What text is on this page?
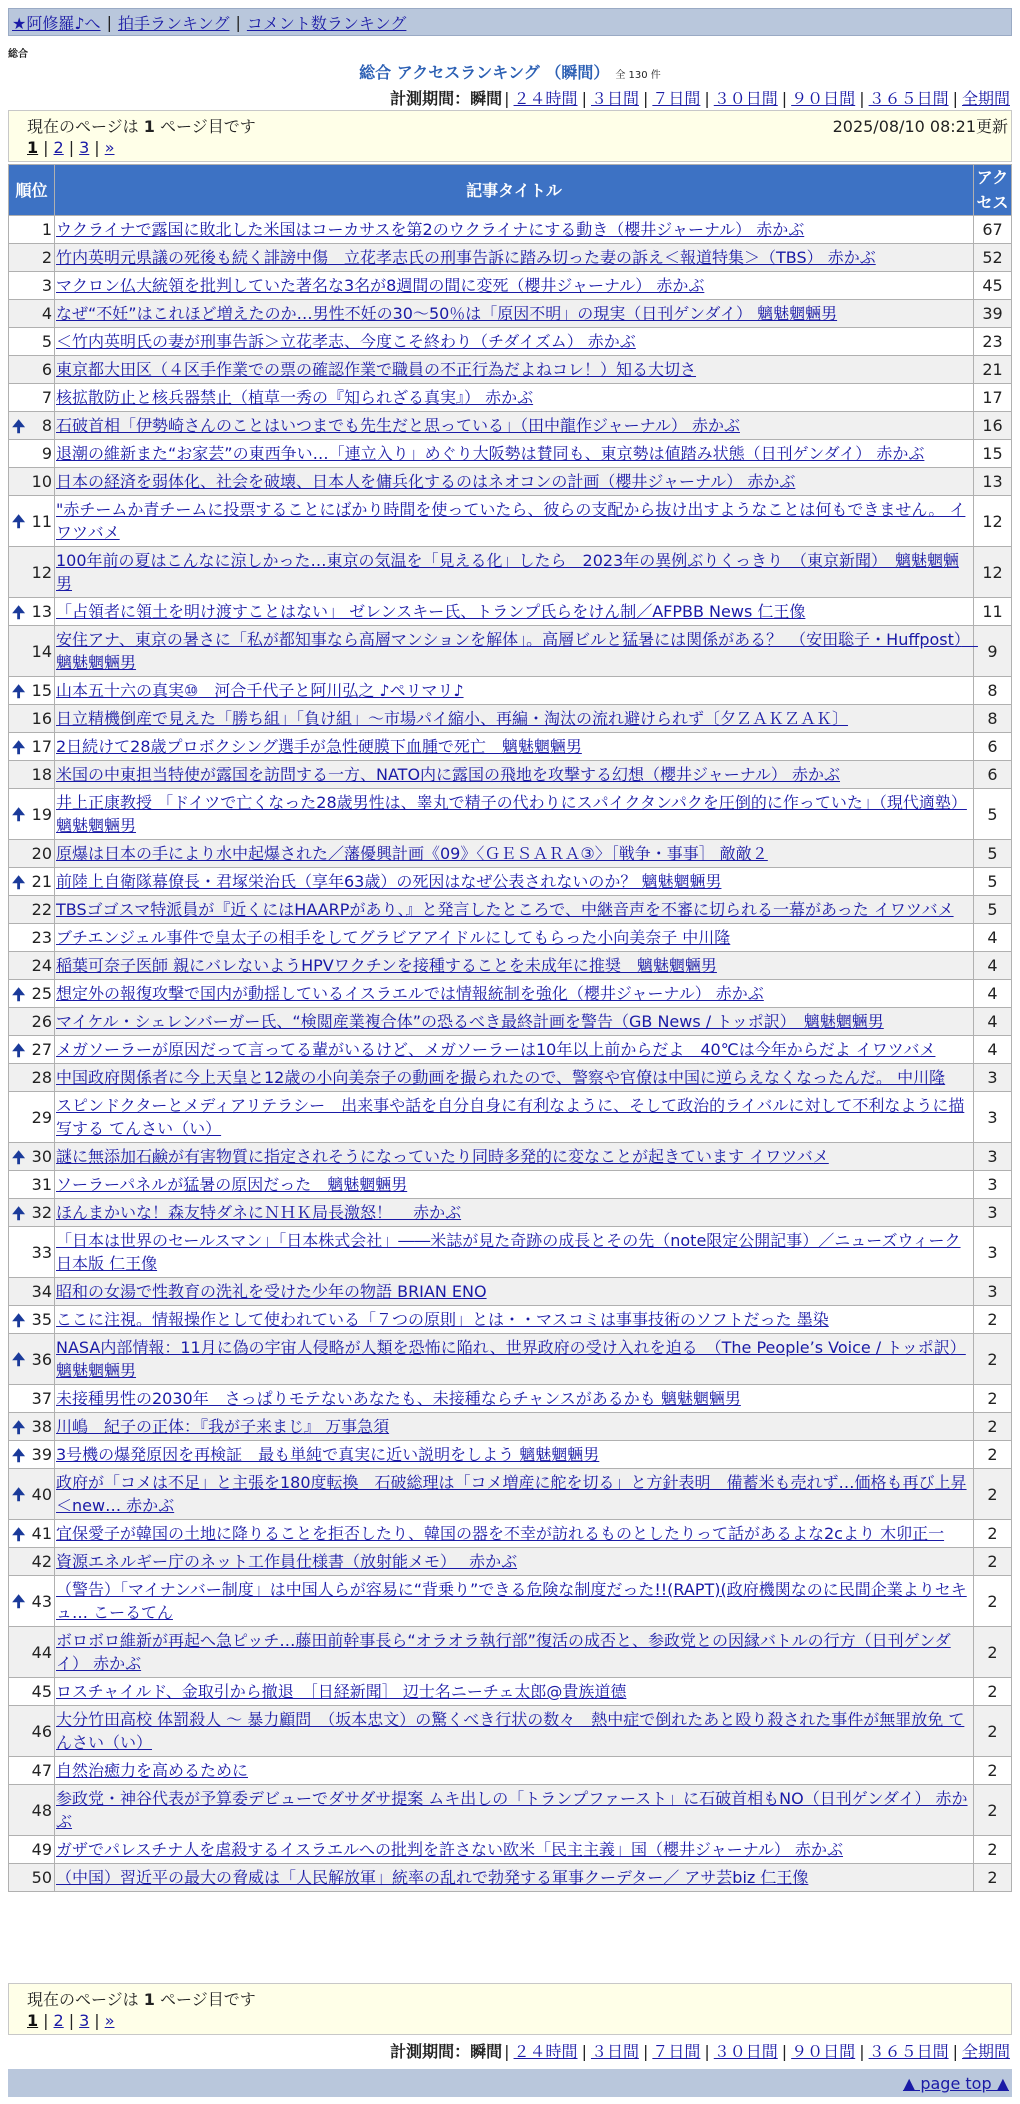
★阿修羅♪へ | 拍手ランキング | コメント数ランキング
総合
総合 アクセスランキング （瞬間） 全 130 件
計測期間：瞬間 | ２４時間 | ３日間 | ７日間 | ３０日間 | ９０日間 | ３６５日間 | 全期間
現在のページは 1 ページ目です	2025/08/10 08:21更新
1 | 2 | 3 | »
順位	記事タイトル	アクセス
1	ウクライナで露国に敗北した米国はコーカサスを第2のウクライナにする動き（櫻井ジャーナル） 赤かぶ	67
2	竹内英明元県議の死後も続く誹謗中傷　立花孝志氏の刑事告訴に踏み切った妻の訴え＜報道特集＞（TBS） 赤かぶ	52
3	マクロン仏大統領を批判していた著名な3名が8週間の間に変死（櫻井ジャーナル） 赤かぶ	45
4	なぜ“不妊”はこれほど増えたのか…男性不妊の30～50％は「原因不明」の現実（日刊ゲンダイ） 魑魅魍魎男	39
5	＜竹内英明氏の妻が刑事告訴＞立花孝志、今度こそ終わり（チダイズム） 赤かぶ	23
6	東京都大田区（４区手作業での票の確認作業で職員の不正行為だよねコレ！）知る大切さ	21
7	核拡散防止と核兵器禁止（植草一秀の『知られざる真実』） 赤かぶ	17

🠉 8	石破首相「伊勢崎さんのことはいつまでも先生だと思っている」（田中龍作ジャーナル） 赤かぶ	16
9	退潮の維新また“お家芸”の東西争い…「連立入り」めぐり大阪勢は賛同も、東京勢は値踏み状態（日刊ゲンダイ） 赤かぶ	15
10	日本の経済を弱体化、社会を破壊、日本人を傭兵化するのはネオコンの計画（櫻井ジャーナル） 赤かぶ	13

🠉 11	"赤チームか青チームに投票することにばかり時間を使っていたら、彼らの支配から抜け出すようなことは何もできません。 イワツバメ	12
12	100年前の夏はこんなに涼しかった…東京の気温を「見える化」したら　2023年の異例ぶりくっきり　（東京新聞）　魑魅魍魎男	12

🠉 13	「占領者に領土を明け渡すことはない」 ゼレンスキー氏、トランプ氏らをけん制／AFPBB News 仁王像	11
14	安住アナ、東京の暑さに「私が都知事なら高層マンションを解体」。高層ビルと猛暑には関係がある？　（安田聡子・Huffpost）　魑魅魍魎男	9

🠉 15	山本五十六の真実⑩　河合千代子と阿川弘之 ♪ペリマリ♪	8
16	日立精機倒産で見えた「勝ち組」「負け組」～市場パイ縮小、再編・淘汰の流れ避けられず〔夕ＺＡＫＺＡＫ〕	8

🠉 17	2日続けて28歳プロボクシング選手が急性硬膜下血腫で死亡　魑魅魍魎男	6
18	米国の中東担当特使が露国を訪問する一方、NATO内に露国の飛地を攻撃する幻想（櫻井ジャーナル） 赤かぶ	6

🠉 19	井上正康教授 「ドイツで亡くなった28歳男性は、睾丸で精子の代わりにスパイクタンパクを圧倒的に作っていた」（現代適塾）魑魅魍魎男	5
20	原爆は日本の手により水中起爆された／藩優興計画《09》〈ＧＥＳＡＲＡ③〉［戦争・事事］ 敵敵２	5

🠉 21	前陸上自衛隊幕僚長・君塚栄治氏（享年63歳）の死因はなぜ公表されないのか？ 魑魅魍魎男	5
22	TBSゴゴスマ特派員が『近くにはHAARPがあり、』と発言したところで、中継音声を不審に切られる一幕があった イワツバメ	5
23	ブチエンジェル事件で皇太子の相手をしてグラビアアイドルにしてもらった小向美奈子 中川隆	4
24	稲葉可奈子医師 親にバレないようHPVワクチンを接種することを未成年に推奨　魑魅魍魎男	4

🠉 25	想定外の報復攻撃で国内が動揺しているイスラエルでは情報統制を強化（櫻井ジャーナル） 赤かぶ	4
26	マイケル・シェレンバーガー氏、“検閲産業複合体”の恐るべき最終計画を警告（GB News / トッポ訳）　魑魅魍魎男	4

🠉 27	メガソーラーが原因だって言ってる輩がいるけど、メガソーラーは10年以上前からだよ　40℃は今年からだよ イワツバメ	4
28	中国政府関係者に今上天皇と12歳の小向美奈子の動画を撮られたので、警察や官僚は中国に逆らえなくなったんだ。 中川隆	3
29	スピンドクターとメディアリテラシー　出来事や話を自分自身に有利なように、そして政治的ライバルに対して不利なように描写する てんさい（い）	3

🠉 30	謎に無添加石鹸が有害物質に指定されそうになっていたり同時多発的に変なことが起きています イワツバメ	3
31	ソーラーパネルが猛暑の原因だった　魑魅魍魎男	3

🠉 32	ほんまかいな！森友特ダネにＮＨＫ局長激怒！　 赤かぶ	3
33	「日本は世界のセールスマン」「日本株式会社」――米誌が見た奇跡の成長とその先（note限定公開記事）／ニューズウィーク日本版 仁王像	3
34	昭和の女湯で性教育の洗礼を受けた少年の物語 BRIAN ENO	3

🠉 35	ここに注視。情報操作として使われている「７つの原則」とは・・マスコミは事事技術のソフトだった 墨染	2

🠉 36	NASA内部情報：11月に偽の宇宙人侵略が人類を恐怖に陥れ、世界政府の受け入れを迫る　（The People’s Voice / トッポ訳）魑魅魍魎男	2
37	未接種男性の2030年　さっぱりモテないあなたも、未接種ならチャンスがあるかも 魑魅魍魎男	2

🠉 38	川嶋　紀子の正体：『我が子来まじ』 万事急須	2

🠉 39	3号機の爆発原因を再検証　最も単純で真実に近い説明をしよう 魑魅魍魎男	2

🠉 40	政府が「コメは不足」と主張を180度転換　石破総理は「コメ増産に舵を切る」と方針表明　備蓄米も売れず…価格も再び上昇＜new… 赤かぶ	2

🠉 41	宜保愛子が韓国の土地に降りることを拒否したり、韓国の器を不幸が訪れるものとしたりって話があるよな2cより 木卯正一	2
42	資源エネルギー庁のネット工作員仕様書（放射能メモ）　 赤かぶ	2

🠉 43	（警告）「マイナンバー制度」は中国人らが容易に“背乗り”できる危険な制度だった!!(RAPT)(政府機関なのに民間企業よりセキュ… こーるてん	2
44	ボロボロ維新が再起へ急ピッチ…藤田前幹事長ら“オラオラ執行部”復活の成否と、参政党との因縁バトルの行方（日刊ゲンダイ） 赤かぶ	2
45	ロスチャイルド、金取引から撤退　［日経新聞］ 辺士名ニーチェ太郎@貴族道德	2
46	大分竹田高校 体罰殺人 ～ 暴力顧問　（坂本忠文）の驚くべき行状の数々　熱中症で倒れたあと殴り殺された事件が無罪放免 てんさい（い）	2
47	自然治癒力を高めるために	2
48	参政党・神谷代表が予算委デビューでダサダサ提案 ムキ出しの「トランプファースト」に石破首相もNO（日刊ゲンダイ） 赤かぶ	2
49	ガザでパレスチナ人を虐殺するイスラエルへの批判を許さない欧米「民主主義」国（櫻井ジャーナル） 赤かぶ	2
50	（中国）習近平の最大の脅威は「人民解放軍」統率の乱れで勃発する軍事クーデター／ アサ芸biz 仁王像	2
現在のページは 1 ページ目です
1 | 2 | 3 | »
計測期間：瞬間 | ２４時間 | ３日間 | ７日間 | ３０日間 | ９０日間 | ３６５日間 | 全期間
▲ page top ▲
